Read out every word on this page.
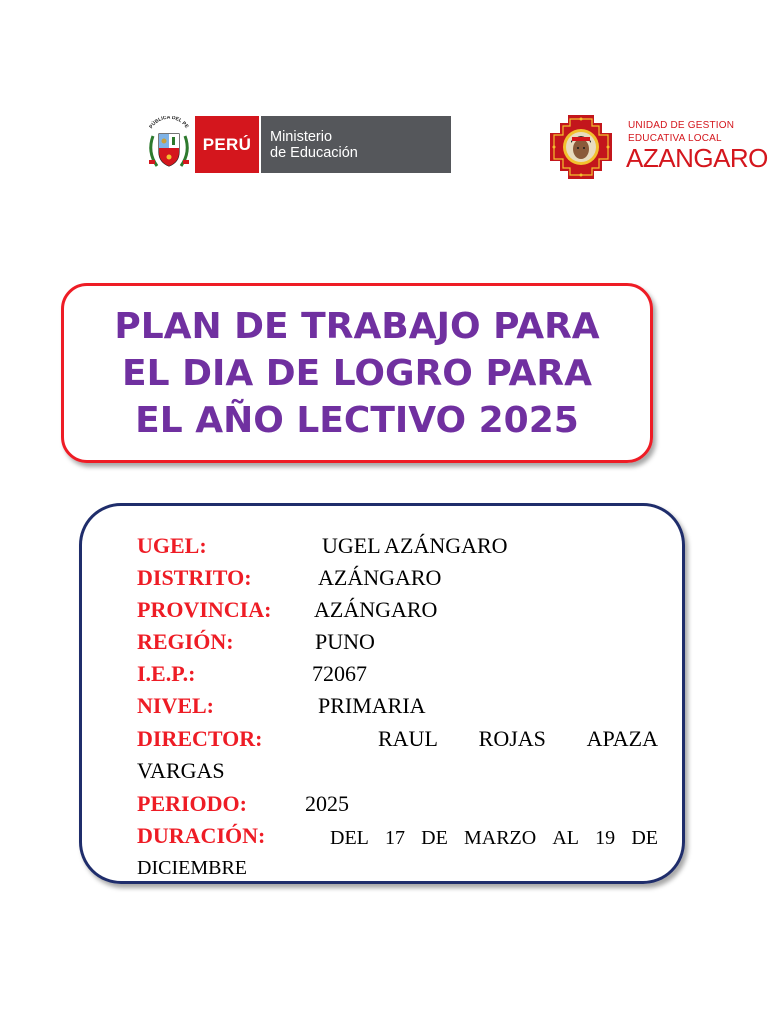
PÚBLICA DEL PE
PERÚ	Ministerio
de Educación
UNIDAD DE GESTION
EDUCATIVA LOCAL
AZANGARO
PLAN DE TRABAJO PARA
EL DIA DE LOGRO PARA
EL AÑO LECTIVO 2025
UGEL:	UGEL AZÁNGARO
DISTRITO:	AZÁNGARO
PROVINCIA: AZÁNGARO
REGIÓN:	PUNO
I.E.P.:	72067
NIVEL:	PRIMARIA
DIRECTOR:	RAUL ROJAS APAZA
VARGAS
PERIODO:	2025
DURACIÓN:	DEL 17 DE MARZO AL 19 DE
DICIEMBRE
